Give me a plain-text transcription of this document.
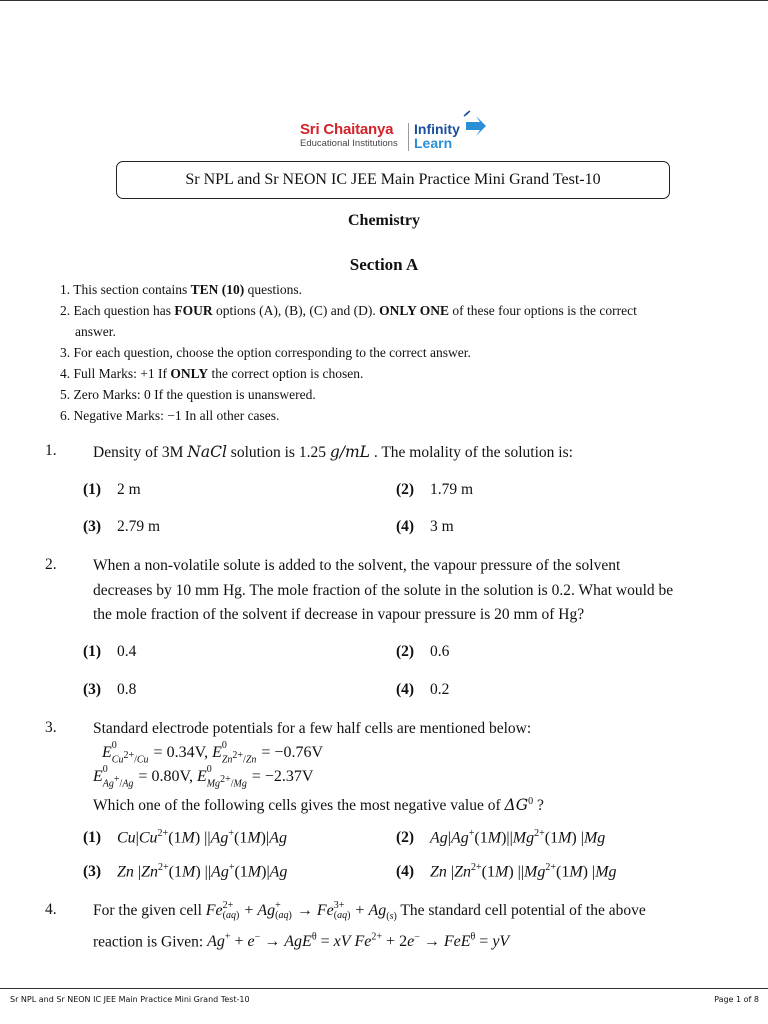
Sri Chaitanya
Educational Institutions
Infinity
Learn
Sr NPL and Sr NEON IC JEE Main Practice Mini Grand Test-10
Chemistry
Section A
1. This section contains TEN (10) questions.
2. Each question has FOUR options (A), (B), (C) and (D). ONLY ONE of these four options is the correct
answer.
3. For each question, choose the option corresponding to the correct answer.
4. Full Marks: +1 If ONLY the correct option is chosen.
5. Zero Marks: 0 If the question is unanswered.
6. Negative Marks: −1 In all other cases.
1. Density of 3M NaCl solution is 1.25 g/mL . The molality of the solution is:
(1)	2 m	(2)	1.79 m
(3)	2.79 m	(4)	3 m
2. When a non-volatile solute is added to the solvent, the vapour pressure of the solvent
decreases by 10 mm Hg. The mole fraction of the solute in the solution is 0.2. What would be
the mole fraction of the solvent if decrease in vapour pressure is 20 mm of Hg?
(1)	0.4	(2)	0.6
(3)	0.8	(4)	0.2
3. Standard electrode potentials for a few half cells are mentioned below:
E 0
$Cu^{2+}/Cu = 0.34V$, E 0
$Zn^{2+}/Zn = -0.76V$
E 0
Ag+/Ag = 0.80V, E 0
$Mg^{2+}/Mg = -2.37V$
Which one of the following cells gives the most negative value of $\Delta G^0$ ?
(1) $Cu|Cu^{2+}(1M)$ ||Ag+(1M)|Ag	(2) $Ag|Ag^+(1M)||Mg^{2+}(1M)$ |Mg
(3) Zn $|Zn^{2+}(1M)$ ||Ag+(1M)|Ag	(4) Zn $|Zn^{2+}(1M)$ $||Mg^{2+}(1M)$ |Mg
4. For the given cell Fe 2+
(aq) + Ag +
(aq) → Fe 3+
$(aq) + Ag_{(s)}$ The standard cell potential of the above
reaction is Given: Ag+ + e− → AgE$^\theta$ = xV $Fe^{2+} + 2e^- \to FeE^\theta$ = yV
Sr NPL and Sr NEON IC JEE Main Practice Mini Grand Test-10	Page 1 of 8
